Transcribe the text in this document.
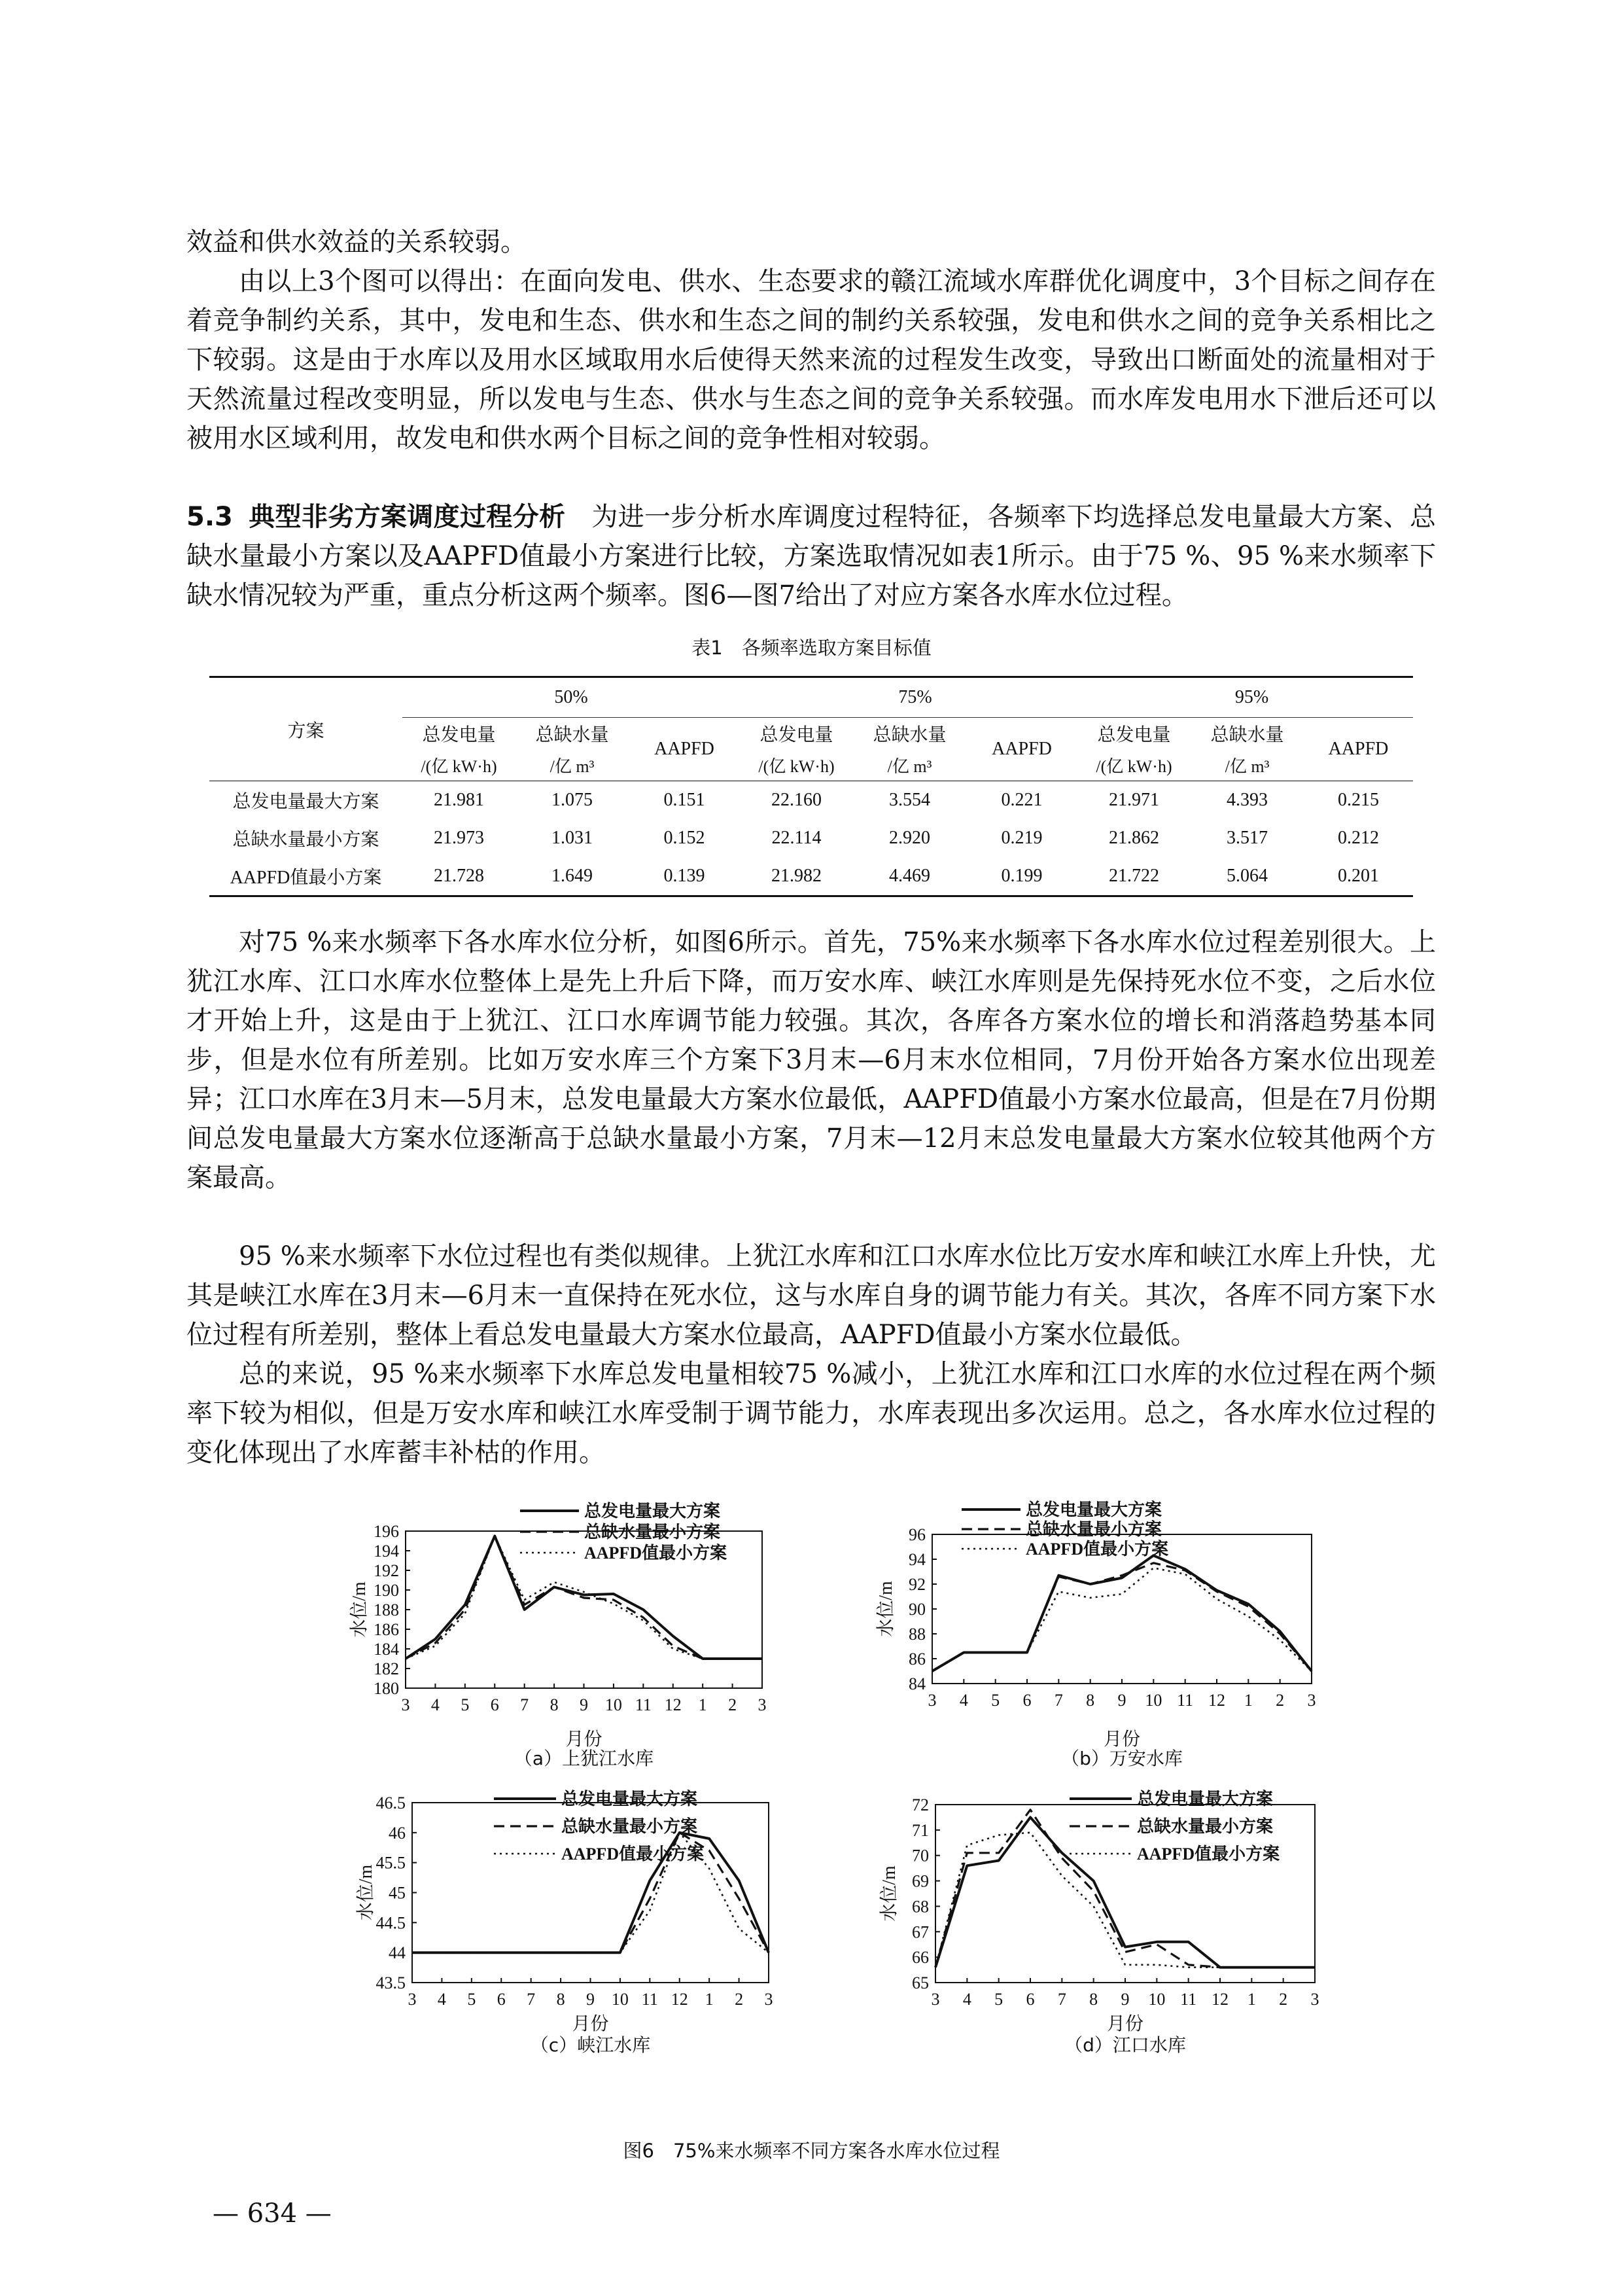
效益和供水效益的关系较弱。

由以上3个图可以得出：在面向发电、供水、生态要求的赣江流域水库群优化调度中，3个目标之间存在着竞争制约关系，其中，发电和生态、供水和生态之间的制约关系较强，发电和供水之间的竞争关系相比之下较弱。这是由于水库以及用水区域取用水后使得天然来流的过程发生改变，导致出口断面处的流量相对于天然流量过程改变明显，所以发电与生态、供水与生态之间的竞争关系较强。而水库发电用水下泄后还可以被用水区域利用，故发电和供水两个目标之间的竞争性相对较弱。

5.3 典型非劣方案调度过程分析 为进一步分析水库调度过程特征，各频率下均选择总发电量最大方案、总缺水量最小方案以及AAPFD值最小方案进行比较，方案选取情况如表1所示。由于75 %、95 %来水频率下缺水情况较为严重，重点分析这两个频率。图6—图7给出了对应方案各水库水位过程。

表1　各频率选取方案目标值
方案	50%			75%			95%		
	总发电量	总缺水量	AAPFD	总发电量	总缺水量	AAPFD	总发电量	总缺水量	AAPFD
	/(亿 kW·h)	/亿 m³		/(亿 kW·h)	/亿 m³		/(亿 kW·h)	/亿 m³	
总发电量最大方案	21.981	1.075	0.151	22.160	3.554	0.221	21.971	4.393	0.215
总缺水量最小方案	21.973	1.031	0.152	22.114	2.920	0.219	21.862	3.517	0.212
AAPFD值最小方案	21.728	1.649	0.139	21.982	4.469	0.199	21.722	5.064	0.201

对75 %来水频率下各水库水位分析，如图6所示。首先，75%来水频率下各水库水位过程差别很大。上犹江水库、江口水库水位整体上是先上升后下降，而万安水库、峡江水库则是先保持死水位不变，之后水位才开始上升，这是由于上犹江、江口水库调节能力较强。其次，各库各方案水位的增长和消落趋势基本同步，但是水位有所差别。比如万安水库三个方案下3月末—6月末水位相同，7月份开始各方案水位出现差异；江口水库在3月末—5月末，总发电量最大方案水位最低，AAPFD值最小方案水位最高，但是在7月份期间总发电量最大方案水位逐渐高于总缺水量最小方案，7月末—12月末总发电量最大方案水位较其他两个方案最高。

95 %来水频率下水位过程也有类似规律。上犹江水库和江口水库水位比万安水库和峡江水库上升快，尤其是峡江水库在3月末—6月末一直保持在死水位，这与水库自身的调节能力有关。其次，各库不同方案下水位过程有所差别，整体上看总发电量最大方案水位最高，AAPFD值最小方案水位最低。

总的来说，95 %来水频率下水库总发电量相较75 %减小，上犹江水库和江口水库的水位过程在两个频率下较为相似，但是万安水库和峡江水库受制于调节能力，水库表现出多次运用。总之，各水库水位过程的变化体现出了水库蓄丰补枯的作用。

180
182
184
186
188
190
192
194
196
3 4 5 6 7 8 9 10 11 12 1 2 3
月份
水位/m
总发电量最大方案
总缺水量最小方案
AAPFD值最小方案
（a）上犹江水库
84
86
88
90
92
94
96
3 4 5 6 7 8 9 10 11 12 1 2 3
月份
水位/m
总发电量最大方案
总缺水量最小方案
AAPFD值最小方案
（b）万安水库
43.5
44
44.5
45
45.5
46
46.5
3 4 5 6 7 8 9 10 11 12 1 2 3
月份
水位/m
总发电量最大方案
总缺水量最小方案
AAPFD值最小方案
（c）峡江水库
65
66
67
68
69
70
71
72
3 4 5 6 7 8 9 10 11 12 1 2 3
月份
水位/m
总发电量最大方案
总缺水量最小方案
AAPFD值最小方案
（d）江口水库
图6　75%来水频率不同方案各水库水位过程
— 634 —
